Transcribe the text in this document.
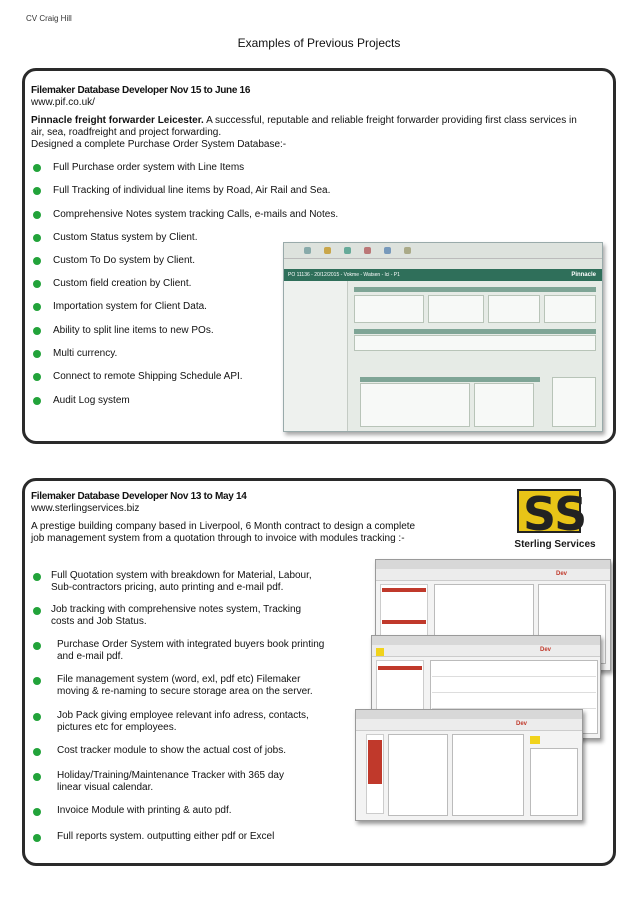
CV Craig Hill
Examples of Previous Projects
Filemaker Database Developer Nov 15 to June 16
www.pif.co.uk/
Pinnacle freight forwarder Leicester. A successful, reputable and reliable freight forwarder providing first class services in air, sea, roadfreight and project forwarding.
Designed a complete Purchase Order System Database:-
Full Purchase order system with Line Items
Full Tracking of individual line items by Road, Air Rail and Sea.
Comprehensive Notes system tracking Calls, e-mails and Notes.
Custom Status system by Client.
Custom To Do system by Client.
Custom field creation by Client.
Importation system for Client Data.
Ability to split line items to new POs.
Multi currency.
Connect to remote Shipping Schedule API.
Audit Log system
PO 11136 - 20/12/2015 - Vokme - Watsen - lci - P1	Pinnacle
Filemaker Database Developer Nov 13 to May 14
www.sterlingservices.biz
A prestige building company based in Liverpool, 6 Month contract to design a complete job management system from a quotation through to invoice with modules tracking :-	SS
Sterling Services
Dev
Dev
Dev
Full Quotation system with breakdown for Material, Labour,
Sub-contractors pricing, auto printing and e-mail pdf.
Job tracking with comprehensive notes system, Tracking
costs and Job Status.
Purchase Order System with integrated buyers book printing
and e-mail pdf.
File management system (word, exl, pdf etc) Filemaker
moving & re-naming to secure storage area on the server.
Job Pack giving employee relevant info adress, contacts,
pictures etc for employees.
Cost tracker module to show the actual cost of jobs.
Holiday/Training/Maintenance Tracker with 365 day
linear visual calendar.
Invoice Module with printing & auto pdf.
Full reports system. outputting either pdf or Excel
